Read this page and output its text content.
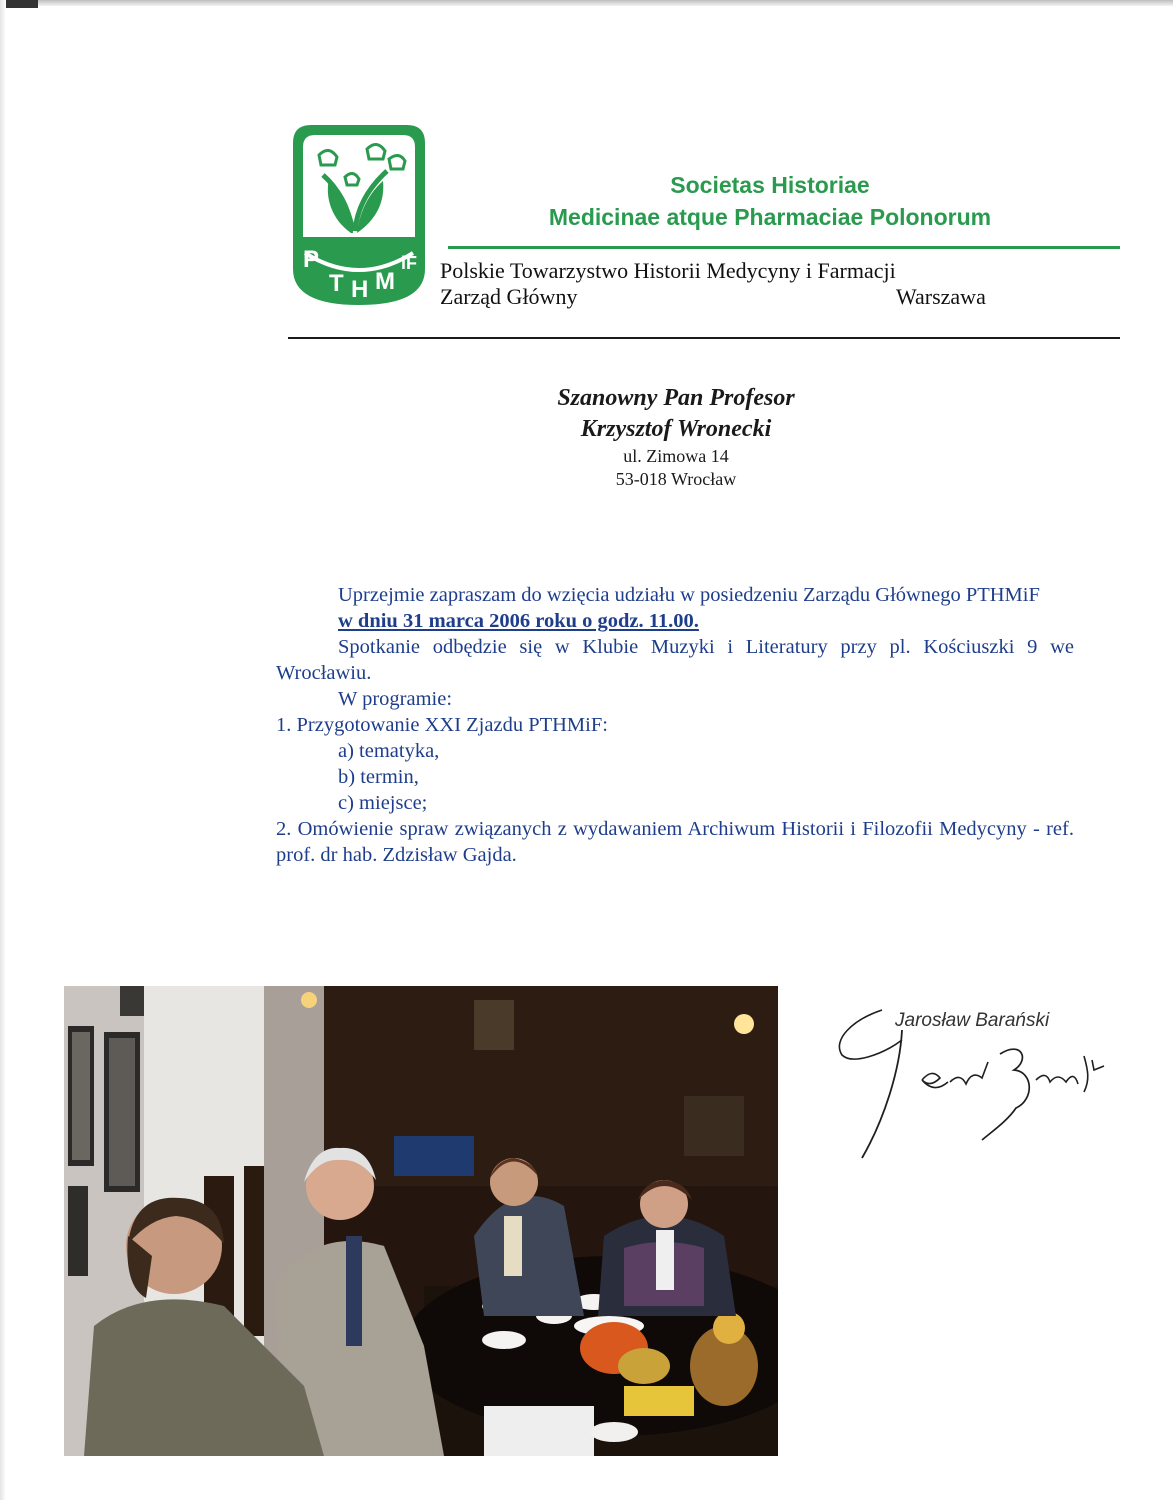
P
T H M
iF
Societas Historiae
Medicinae atque Pharmaciae Polonorum
Polskie Towarzystwo Historii Medycyny i Farmacji
Zarząd Główny	Warszawa
Szanowny Pan Profesor
Krzysztof Wronecki
ul. Zimowa 14
53-018 Wrocław

Uprzejmie zapraszam do wzięcia udziału w posiedzeniu Zarządu Głównego PTHMiF

w dniu 31 marca 2006 roku o godz. 11.00.

Spotkanie odbędzie się w Klubie Muzyki i Literatury przy pl. Kościuszki 9 we Wrocławiu.

W programie:

1. Przygotowanie XXI Zjazdu PTHMiF:

a) tematyka,

b) termin,

c) miejsce;

2. Omówienie spraw związanych z wydawaniem Archiwum Historii i Filozofii Medycyny - ref. prof. dr hab. Zdzisław Gajda.

Jarosław Barański
